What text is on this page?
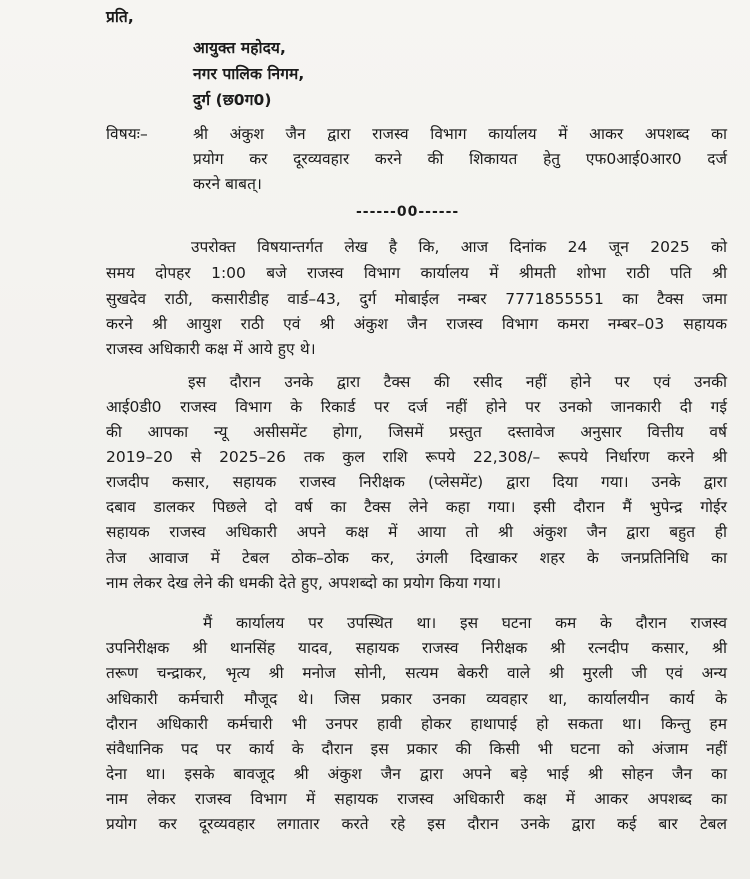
प्रति,
आयुक्त महोदय,
नगर पालिक निगम,
दुर्ग (छ0ग0)
विषयः–	श्री अंकुश जैन द्वारा राजस्व विभाग कार्यालय में आकर अपशब्द का
प्रयोग कर दूरव्यवहार करने की शिकायत हेतु एफ0आई0आर0 दर्ज
करने बाबत्।
------00------
उपरोक्त विषयान्तर्गत लेख है कि, आज दिनांक 24 जून 2025 को
समय दोपहर 1:00 बजे राजस्व विभाग कार्यालय में श्रीमती शोभा राठी पति श्री
सुखदेव राठी, कसारीडीह वार्ड–43, दुर्ग मोबाईल नम्बर 7771855551 का टैक्स जमा
करने श्री आयुश राठी एवं श्री अंकुश जैन राजस्व विभाग कमरा नम्बर–03 सहायक
राजस्व अधिकारी कक्ष में आये हुए थे।
इस दौरान उनके द्वारा टैक्स की रसीद नहीं होने पर एवं उनकी
आई0डी0 राजस्व विभाग के रिकार्ड पर दर्ज नहीं होने पर उनको जानकारी दी गई
की आपका न्यू असीसमेंट होगा, जिसमें प्रस्तुत दस्तावेज अनुसार वित्तीय वर्ष
2019–20 से 2025–26 तक कुल राशि रूपये 22,308/– रूपये निर्धारण करने श्री
राजदीप कसार, सहायक राजस्व निरीक्षक (प्लेसमेंट) द्वारा दिया गया। उनके द्वारा
दबाव डालकर पिछले दो वर्ष का टैक्स लेने कहा गया। इसी दौरान मैं भुपेन्द्र गोईर
सहायक राजस्व अधिकारी अपने कक्ष में आया तो श्री अंकुश जैन द्वारा बहुत ही
तेज आवाज में टेबल ठोक–ठोक कर, उंगली दिखाकर शहर के जनप्रतिनिधि का
नाम लेकर देख लेने की धमकी देते हुए, अपशब्दो का प्रयोग किया गया।
मैं कार्यालय पर उपस्थित था। इस घटना कम के दौरान राजस्व
उपनिरीक्षक श्री थानसिंह यादव, सहायक राजस्व निरीक्षक श्री रत्नदीप कसार, श्री
तरूण चन्द्राकर, भृत्य श्री मनोज सोनी, सत्यम बेकरी वाले श्री मुरली जी एवं अन्य
अधिकारी कर्मचारी मौजूद थे। जिस प्रकार उनका व्यवहार था, कार्यालयीन कार्य के
दौरान अधिकारी कर्मचारी भी उनपर हावी होकर हाथापाई हो सकता था। किन्तु हम
संवैधानिक पद पर कार्य के दौरान इस प्रकार की किसी भी घटना को अंजाम नहीं
देना था। इसके बावजूद श्री अंकुश जैन द्वारा अपने बड़े भाई श्री सोहन जैन का
नाम लेकर राजस्व विभाग में सहायक राजस्व अधिकारी कक्ष में आकर अपशब्द का
प्रयोग कर दूरव्यवहार लगातार करते रहे इस दौरान उनके द्वारा कई बार टेबल
